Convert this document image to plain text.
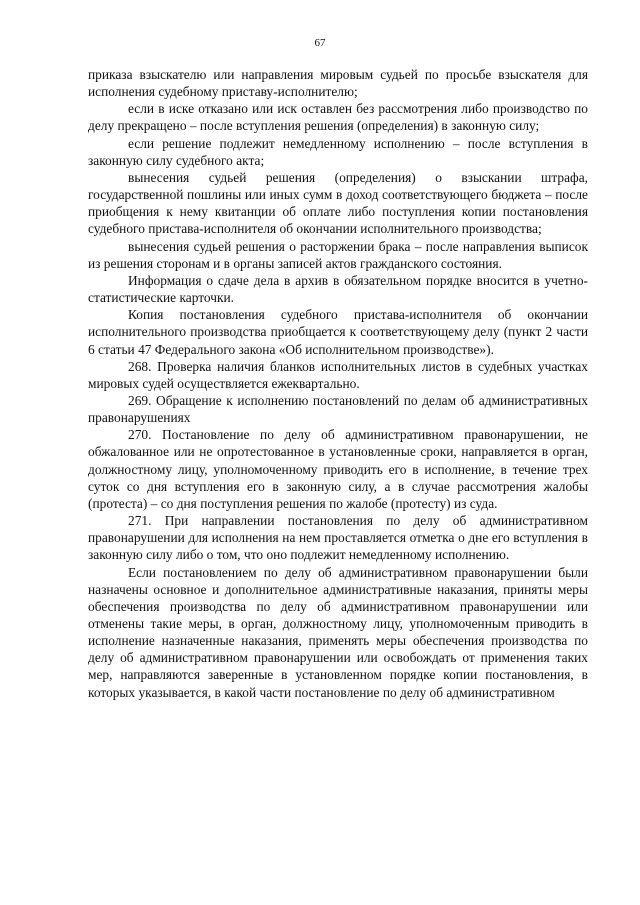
67

приказа взыскателю или направления мировым судьей по просьбе взыскателя для исполнения судебному приставу-исполнителю;

если в иске отказано или иск оставлен без рассмотрения либо производство по делу прекращено – после вступления решения (определения) в законную силу;

если решение подлежит немедленному исполнению – после вступления в законную силу судебного акта;

вынесения судьей решения (определения) о взыскании штрафа, государственной пошлины или иных сумм в доход соответствующего бюджета – после приобщения к нему квитанции об оплате либо поступления копии постановления судебного пристава-исполнителя об окончании исполнительного производства;

вынесения судьей решения о расторжении брака – после направления выписок из решения сторонам и в органы записей актов гражданского состояния.

Информация о сдаче дела в архив в обязательном порядке вносится в учетно-статистические карточки.

Копия постановления судебного пристава-исполнителя об окончании исполнительного производства приобщается к соответствующему делу (пункт 2 части 6 статьи 47 Федерального закона «Об исполнительном производстве»).

268. Проверка наличия бланков исполнительных листов в судебных участках мировых судей осуществляется ежеквартально.

269. Обращение к исполнению постановлений по делам об административных правонарушениях

270. Постановление по делу об административном правонарушении, не обжалованное или не опротестованное в установленные сроки, направляется в орган, должностному лицу, уполномоченному приводить его в исполнение, в течение трех суток со дня вступления его в законную силу, а в случае рассмотрения жалобы (протеста) – со дня поступления решения по жалобе (протесту) из суда.

271. При направлении постановления по делу об административном правонарушении для исполнения на нем проставляется отметка о дне его вступления в законную силу либо о том, что оно подлежит немедленному исполнению.

Если постановлением по делу об административном правонарушении были назначены основное и дополнительное административные наказания, приняты меры обеспечения производства по делу об административном правонарушении или отменены такие меры, в орган, должностному лицу, уполномоченным приводить в исполнение назначенные наказания, применять меры обеспечения производства по делу об административном правонарушении или освобождать от применения таких мер, направляются заверенные в установленном порядке копии постановления, в которых указывается, в какой части постановление по делу об административном
